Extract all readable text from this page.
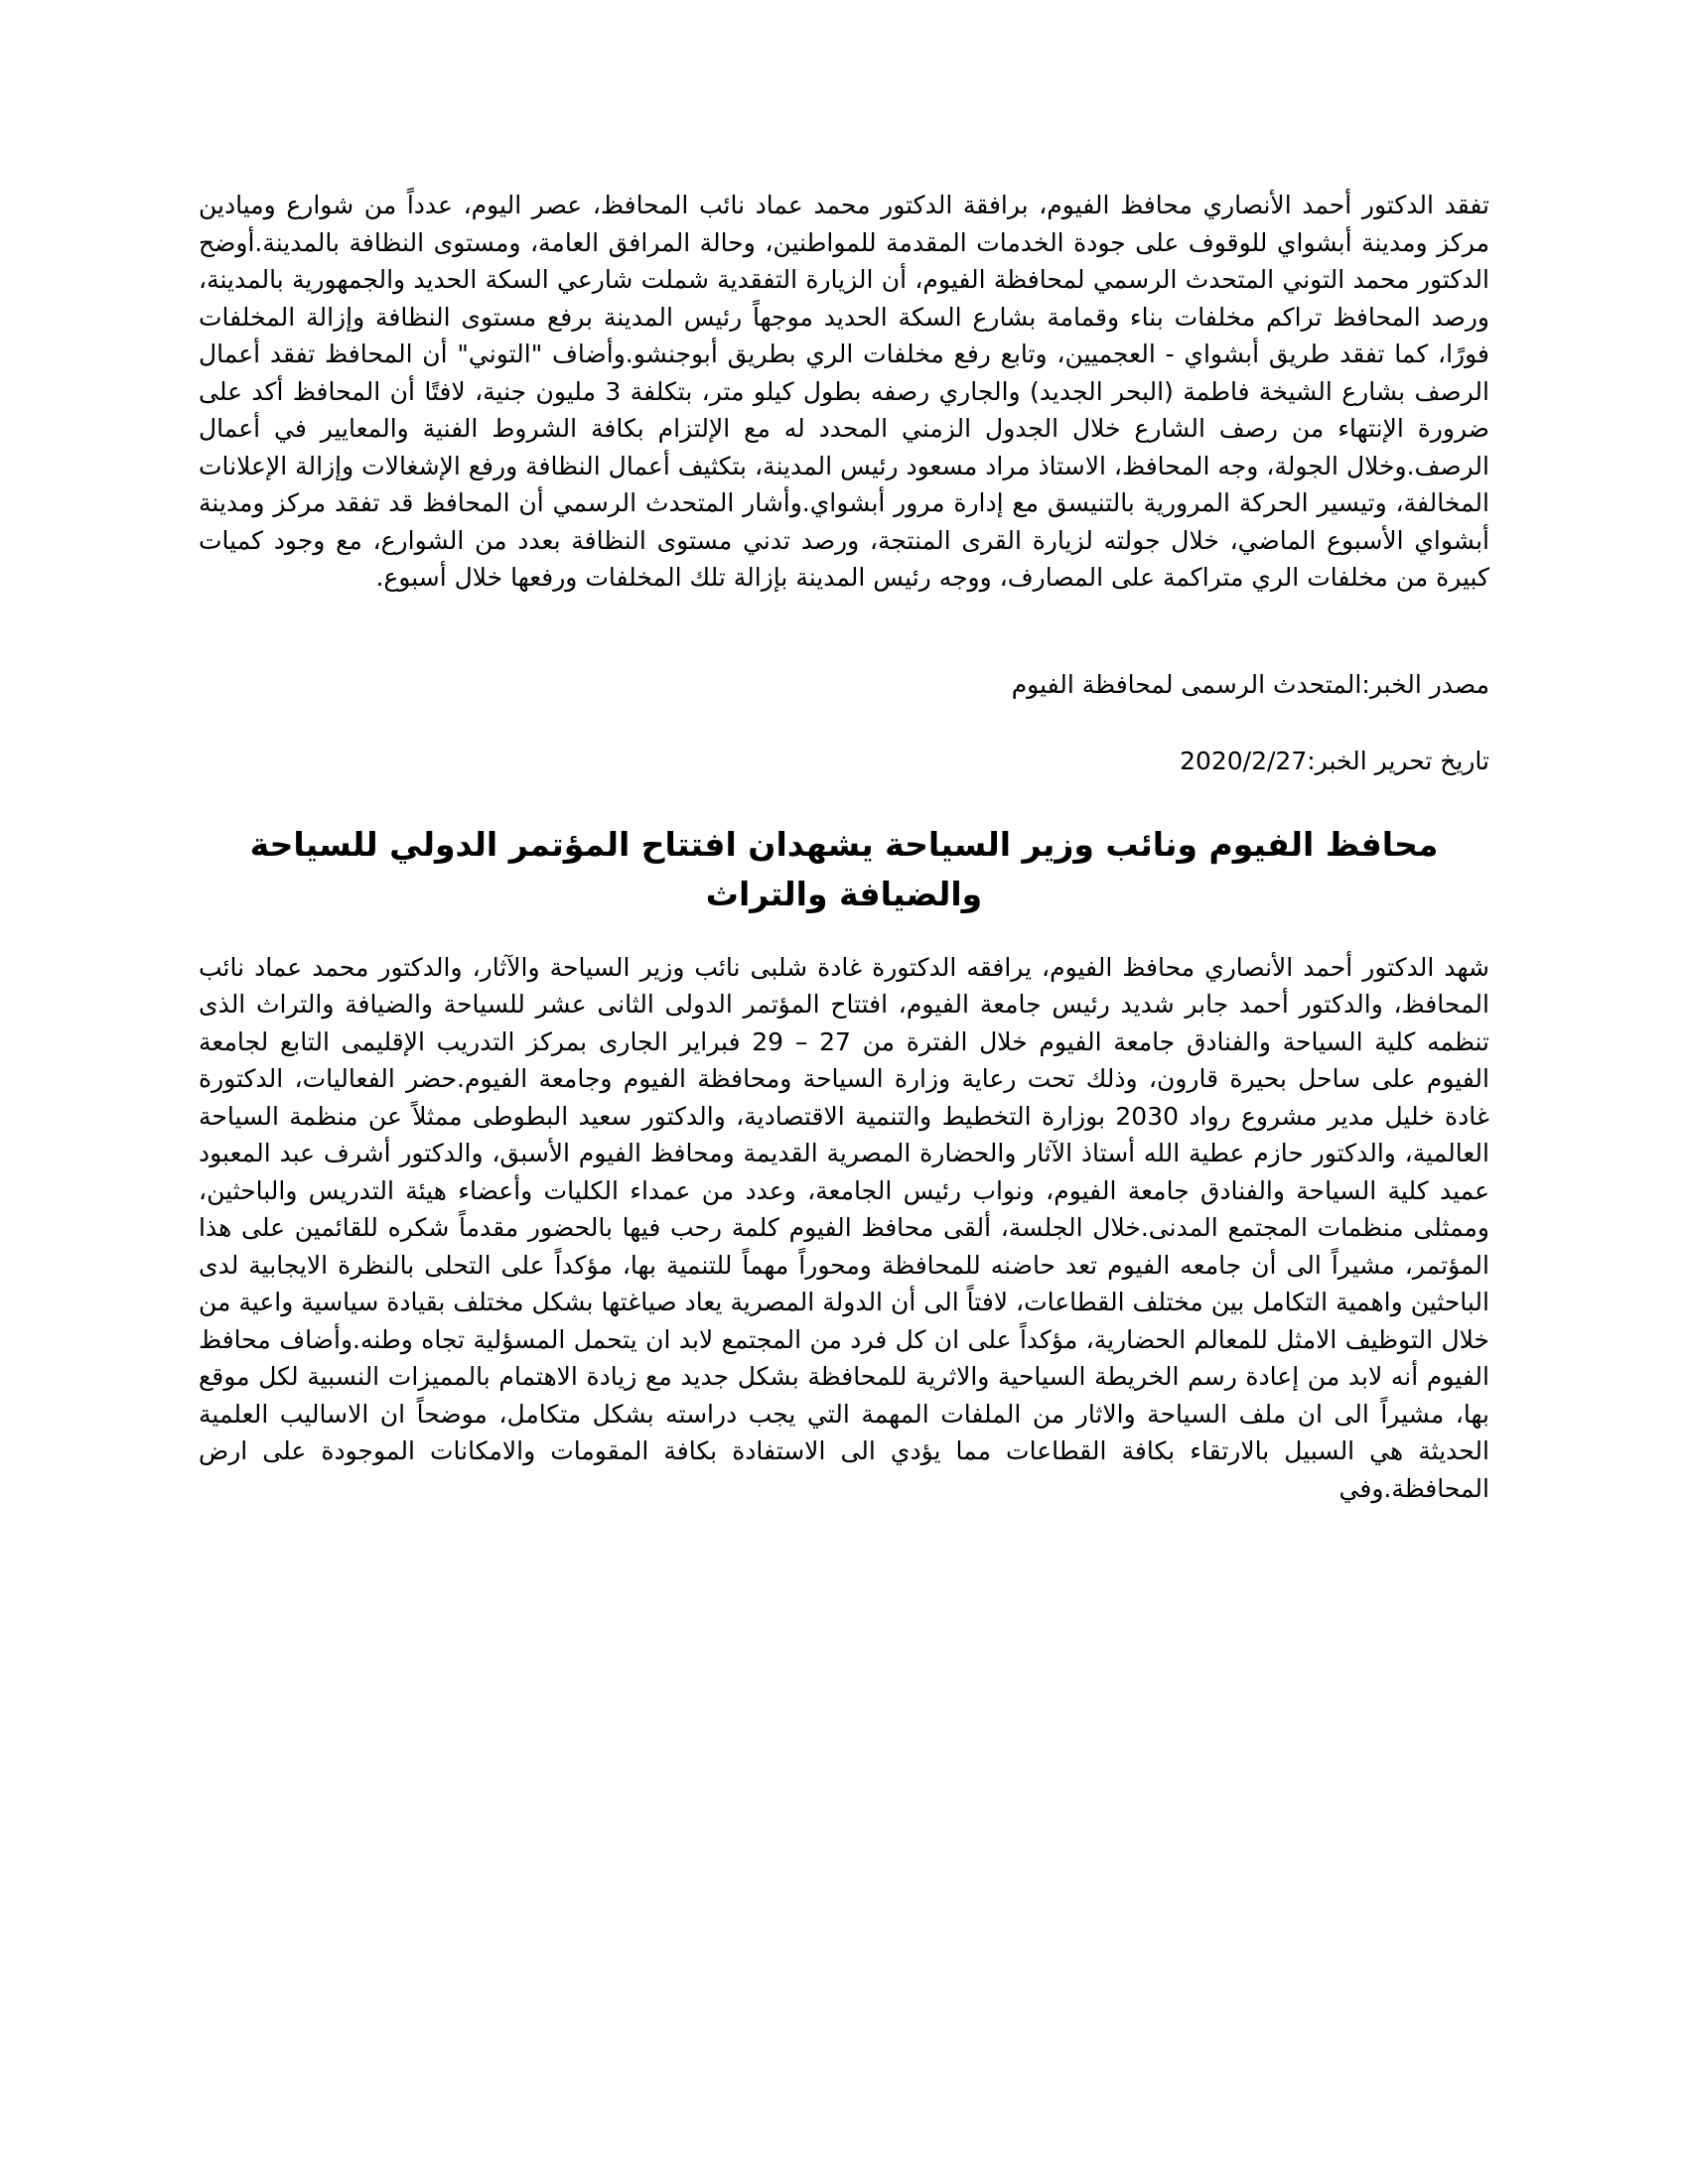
تفقد الدكتور أحمد الأنصاري محافظ الفيوم، برافقة الدكتور محمد عماد نائب المحافظ، عصر اليوم، عدداً من شوارع وميادين مركز ومدينة أبشواي للوقوف على جودة الخدمات المقدمة للمواطنين، وحالة المرافق العامة، ومستوى النظافة بالمدينة.أوضح الدكتور محمد التوني المتحدث الرسمي لمحافظة الفيوم، أن الزيارة التفقدية شملت شارعي السكة الحديد والجمهورية بالمدينة، ورصد المحافظ تراكم مخلفات بناء وقمامة بشارع السكة الحديد موجهاً رئيس المدينة برفع مستوى النظافة وإزالة المخلفات فورًا، كما تفقد طريق أبشواي - العجميين، وتابع رفع مخلفات الري بطريق أبوجنشو.وأضاف "التوني" أن المحافظ تفقد أعمال الرصف بشارع الشيخة فاطمة (البحر الجديد) والجاري رصفه بطول كيلو متر، بتكلفة 3 مليون جنية، لافتًا أن المحافظ أكد على ضرورة الإنتهاء من رصف الشارع خلال الجدول الزمني المحدد له مع الإلتزام بكافة الشروط الفنية والمعايير في أعمال الرصف.وخلال الجولة، وجه المحافظ، الاستاذ مراد مسعود رئيس المدينة، بتكثيف أعمال النظافة ورفع الإشغالات وإزالة الإعلانات المخالفة، وتيسير الحركة المرورية بالتنيسق مع إدارة مرور أبشواي.وأشار المتحدث الرسمي أن المحافظ قد تفقد مركز ومدينة أبشواي الأسبوع الماضي، خلال جولته لزيارة القرى المنتجة، ورصد تدني مستوى النظافة بعدد من الشوارع، مع وجود كميات كبيرة من مخلفات الري متراكمة على المصارف، ووجه رئيس المدينة بإزالة تلك المخلفات ورفعها خلال أسبوع.

مصدر الخبر:المتحدث الرسمى لمحافظة الفيوم

تاريخ تحرير الخبر:2020/2/27

محافظ الفيوم ونائب وزير السياحة يشهدان افتتاح المؤتمر الدولي للسياحة والضيافة والتراث

شهد الدكتور أحمد الأنصاري محافظ الفيوم، يرافقه الدكتورة غادة شلبى نائب وزير السياحة والآثار، والدكتور محمد عماد نائب المحافظ، والدكتور أحمد جابر شديد رئيس جامعة الفيوم، افتتاح المؤتمر الدولى الثانى عشر للسياحة والضيافة والتراث الذى تنظمه كلية السياحة والفنادق جامعة الفيوم خلال الفترة من 27 – 29 فبراير الجارى بمركز التدريب الإقليمى التابع لجامعة الفيوم على ساحل بحيرة قارون، وذلك تحت رعاية وزارة السياحة ومحافظة الفيوم وجامعة الفيوم.حضر الفعاليات، الدكتورة غادة خليل مدير مشروع رواد 2030 بوزارة التخطيط والتنمية الاقتصادية، والدكتور سعيد البطوطى ممثلاً عن منظمة السياحة العالمية، والدكتور حازم عطية الله أستاذ الآثار والحضارة المصرية القديمة ومحافظ الفيوم الأسبق، والدكتور أشرف عبد المعبود عميد كلية السياحة والفنادق جامعة الفيوم، ونواب رئيس الجامعة، وعدد من عمداء الكليات وأعضاء هيئة التدريس والباحثين، وممثلى منظمات المجتمع المدنى.خلال الجلسة، ألقى محافظ الفيوم كلمة رحب فيها بالحضور مقدماً شكره للقائمين على هذا المؤتمر، مشيراً الى أن جامعه الفيوم تعد حاضنه للمحافظة ومحوراً مهماً للتنمية بها، مؤكداً على التحلى بالنظرة الايجابية لدى الباحثين واهمية التكامل بين مختلف القطاعات، لافتاً الى أن الدولة المصرية يعاد صياغتها بشكل مختلف بقيادة سياسية واعية من خلال التوظيف الامثل للمعالم الحضارية، مؤكداً على ان كل فرد من المجتمع لابد ان يتحمل المسؤلية تجاه وطنه.وأضاف محافظ الفيوم أنه لابد من إعادة رسم الخريطة السياحية والاثرية للمحافظة بشكل جديد مع زيادة الاهتمام بالمميزات النسبية لكل موقع بها، مشيراً الى ان ملف السياحة والاثار من الملفات المهمة التي يجب دراسته بشكل متكامل، موضحاً ان الاساليب العلمية الحديثة هي السبيل بالارتقاء بكافة القطاعات مما يؤدي الى الاستفادة بكافة المقومات والامكانات الموجودة على ارض المحافظة.وفي
